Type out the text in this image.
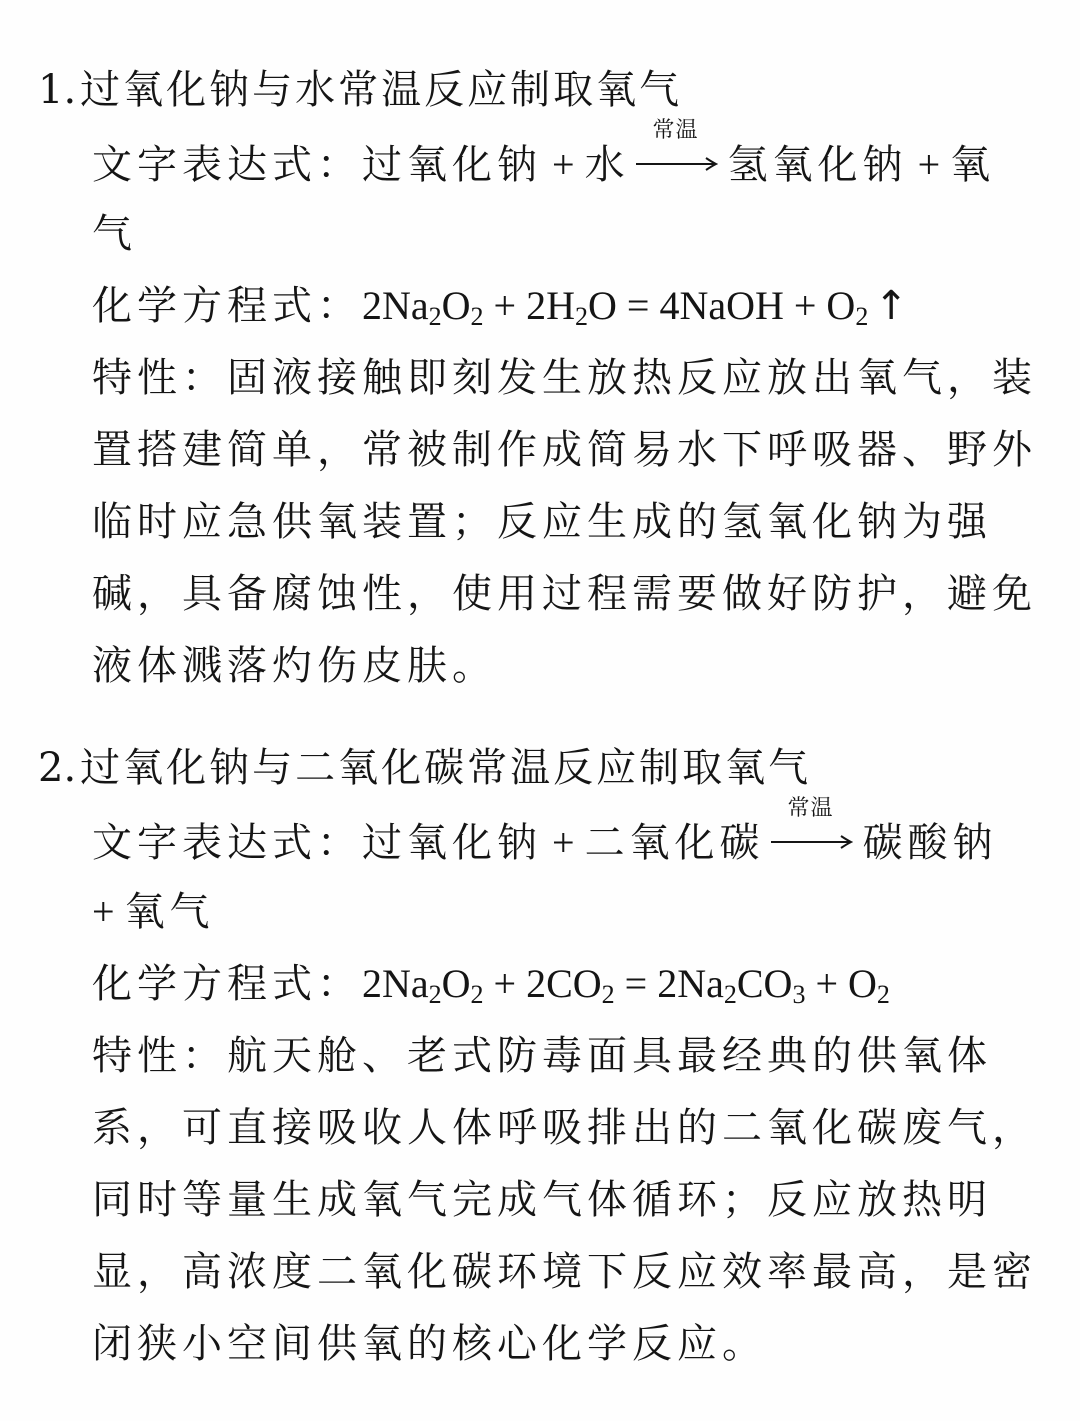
1. 过氧化钠与水常温反应制取氧气
文字表达式：过氧化钠 + 水
常温
氢氧化钠 + 氧
气
化学方程式：$2Na_2O_2 + 2H_2O$ = 4NaOH + $O_2$ ↑
特性：固液接触即刻发生放热反应放出氧气，装
置搭建简单，常被制作成简易水下呼吸器、野外
临时应急供氧装置；反应生成的氢氧化钠为强
碱，具备腐蚀性，使用过程需要做好防护，避免
液体溅落灼伤皮肤。
2. 过氧化钠与二氧化碳常温反应制取氧气
文字表达式：过氧化钠 + 二氧化碳
常温
碳酸钠
+ 氧气
化学方程式：$2Na_2O_2 + 2CO_2 = 2Na_2CO_3 + O_2$
特性：航天舱、老式防毒面具最经典的供氧体
系，可直接吸收人体呼吸排出的二氧化碳废气，
同时等量生成氧气完成气体循环；反应放热明
显，高浓度二氧化碳环境下反应效率最高，是密
闭狭小空间供氧的核心化学反应。
